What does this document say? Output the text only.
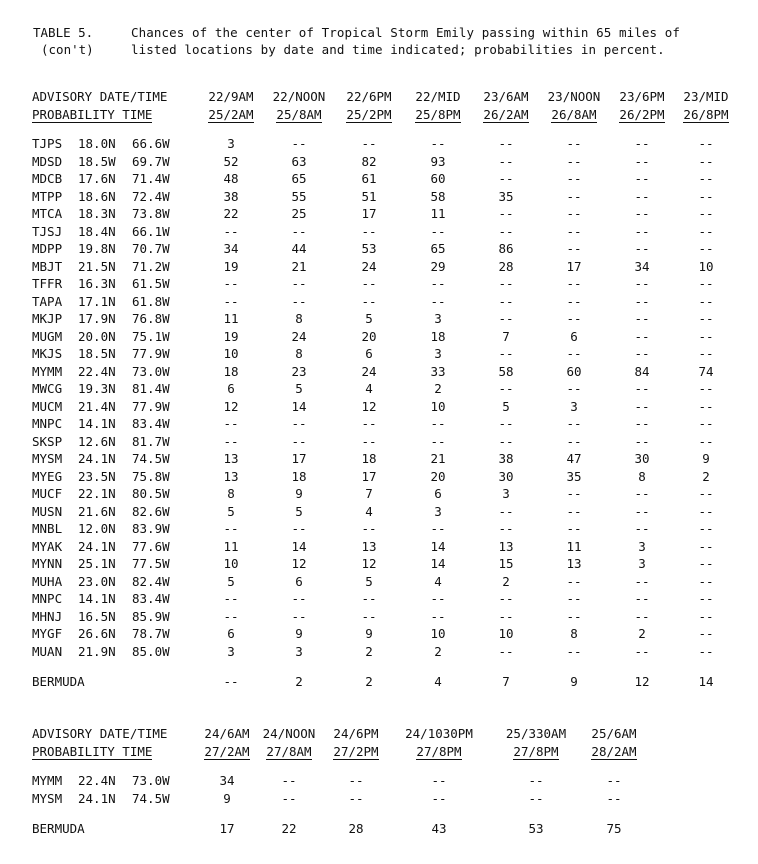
TABLE 5.
(con't)
Chances of the center of Tropical Storm Emily passing within 65 miles of
listed locations by date and time indicated; probabilities in percent.
ADVISORY DATE/TIME			22/9AM	22/NOON	22/6PM	22/MID	23/6AM	23/NOON	23/6PM	23/MID
PROBABILITY TIME			25/2AM	25/8AM	25/2PM	25/8PM	26/2AM	26/8AM	26/2PM	26/8PM

TJPS	18.0N	66.6W	3	--	--	--	--	--	--	--
MDSD	18.5W	69.7W	52	63	82	93	--	--	--	--
MDCB	17.6N	71.4W	48	65	61	60	--	--	--	--
MTPP	18.6N	72.4W	38	55	51	58	35	--	--	--
MTCA	18.3N	73.8W	22	25	17	11	--	--	--	--
TJSJ	18.4N	66.1W	--	--	--	--	--	--	--	--
MDPP	19.8N	70.7W	34	44	53	65	86	--	--	--
MBJT	21.5N	71.2W	19	21	24	29	28	17	34	10
TFFR	16.3N	61.5W	--	--	--	--	--	--	--	--
TAPA	17.1N	61.8W	--	--	--	--	--	--	--	--
MKJP	17.9N	76.8W	11	8	5	3	--	--	--	--
MUGM	20.0N	75.1W	19	24	20	18	7	6	--	--
MKJS	18.5N	77.9W	10	8	6	3	--	--	--	--
MYMM	22.4N	73.0W	18	23	24	33	58	60	84	74
MWCG	19.3N	81.4W	6	5	4	2	--	--	--	--
MUCM	21.4N	77.9W	12	14	12	10	5	3	--	--
MNPC	14.1N	83.4W	--	--	--	--	--	--	--	--
SKSP	12.6N	81.7W	--	--	--	--	--	--	--	--
MYSM	24.1N	74.5W	13	17	18	21	38	47	30	9
MYEG	23.5N	75.8W	13	18	17	20	30	35	8	2
MUCF	22.1N	80.5W	8	9	7	6	3	--	--	--
MUSN	21.6N	82.6W	5	5	4	3	--	--	--	--
MNBL	12.0N	83.9W	--	--	--	--	--	--	--	--
MYAK	24.1N	77.6W	11	14	13	14	13	11	3	--
MYNN	25.1N	77.5W	10	12	12	14	15	13	3	--
MUHA	23.0N	82.4W	5	6	5	4	2	--	--	--
MNPC	14.1N	83.4W	--	--	--	--	--	--	--	--
MHNJ	16.5N	85.9W	--	--	--	--	--	--	--	--
MYGF	26.6N	78.7W	6	9	9	10	10	8	2	--
MUAN	21.9N	85.0W	3	3	2	2	--	--	--	--

BERMUDA			--	2	2	4	7	9	12	14
ADVISORY DATE/TIME			24/6AM	24/NOON	24/6PM	24/1030PM	25/330AM	25/6AM
PROBABILITY TIME			27/2AM	27/8AM	27/2PM	27/8PM	27/8PM	28/2AM

MYMM	22.4N	73.0W	34	--	--	--	--	--
MYSM	24.1N	74.5W	9	--	--	--	--	--

BERMUDA			17	22	28	43	53	75
